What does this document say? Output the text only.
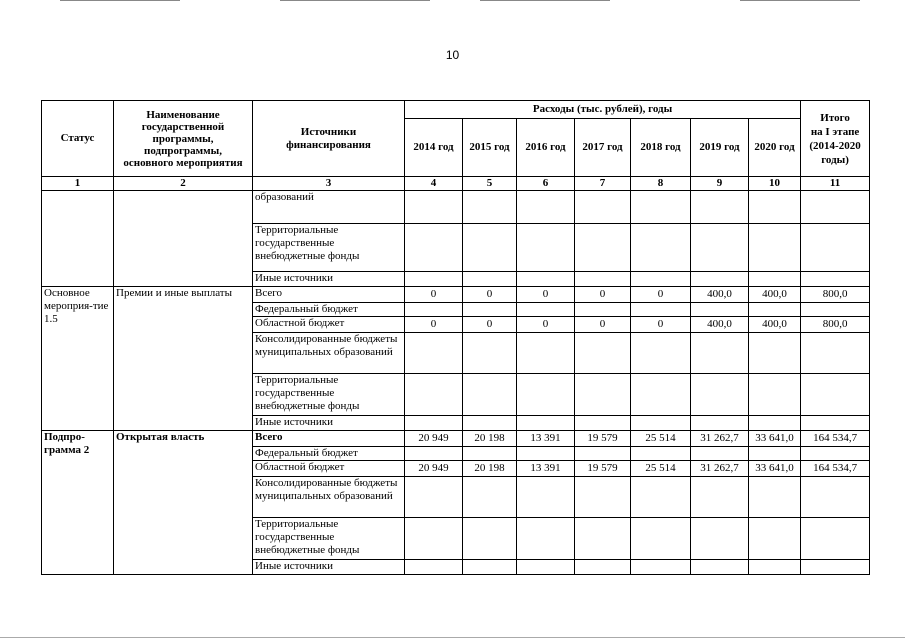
10
Статус	Наименование
государственной
программы,
подпрограммы,
основного мероприятия	Источники
финансирования	Расходы (тыс. рублей), годы							Итого
на I этапе
(2014-2020
годы)
			2014 год	2015 год	2016 год	2017 год	2018 год	2019 год	2020 год	
1	2	3	4	5	6	7	8	9	10	11
		образований								
		Территориальные государственные внебюджетные фонды								
		Иные источники								
Основное мероприя-тие 1.5	Премии и иные выплаты	Всего	0	0	0	0	0	400,0	400,0	800,0
		Федеральный бюджет								
		Областной бюджет	0	0	0	0	0	400,0	400,0	800,0
		Консолидированные бюджеты муниципальных образований								
		Территориальные государственные внебюджетные фонды								
		Иные источники								
Подпро-грамма 2	Открытая власть	Всего	20 949	20 198	13 391	19 579	25 514	31 262,7	33 641,0	164 534,7
		Федеральный бюджет								
		Областной бюджет	20 949	20 198	13 391	19 579	25 514	31 262,7	33 641,0	164 534,7
		Консолидированные бюджеты муниципальных образований								
		Территориальные государственные внебюджетные фонды								
		Иные источники								
